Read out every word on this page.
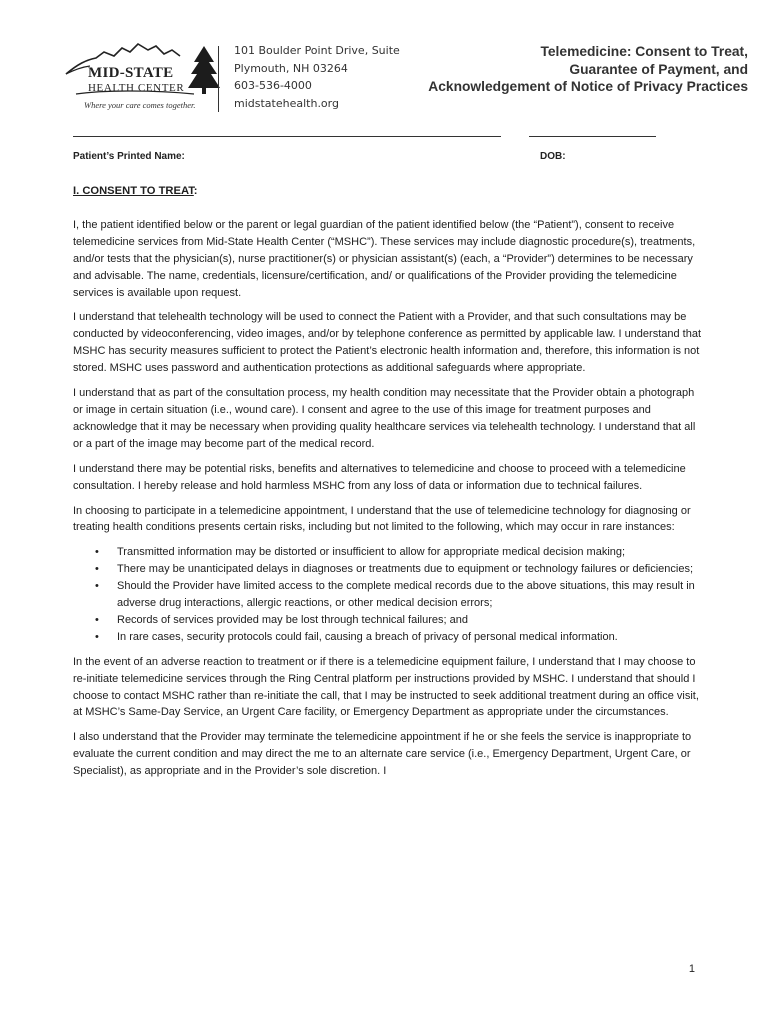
MID-STATE
HEALTH CENTER
Where your care comes together.
101 Boulder Point Drive, Suite
Plymouth, NH 03264
603-536-4000
midstatehealth.org
Telemedicine: Consent to Treat,
Guarantee of Payment, and
Acknowledgement of Notice of Privacy Practices
Patient’s Printed Name:	DOB:
I. CONSENT TO TREAT:

I, the patient identified below or the parent or legal guardian of the patient identified below (the “Patient”), consent to receive telemedicine services from Mid-State Health Center (“MSHC”). These services may include diagnostic procedure(s), treatments, and/or tests that the physician(s), nurse practitioner(s) or physician assistant(s) (each, a “Provider”) determines to be necessary and advisable. The name, credentials, licensure/certification, and/ or qualifications of the Provider providing the telemedicine services is available upon request.

I understand that telehealth technology will be used to connect the Patient with a Provider, and that such consultations may be conducted by videoconferencing, video images, and/or by telephone conference as permitted by applicable law. I understand that MSHC has security measures sufficient to protect the Patient’s electronic health information and, therefore, this information is not stored. MSHC uses password and authentication protections as additional safeguards where appropriate.

I understand that as part of the consultation process, my health condition may necessitate that the Provider obtain a photograph or image in certain situation (i.e., wound care). I consent and agree to the use of this image for treatment purposes and acknowledge that it may be necessary when providing quality healthcare services via telehealth technology. I understand that all or a part of the image may become part of the medical record.

I understand there may be potential risks, benefits and alternatives to telemedicine and choose to proceed with a telemedicine consultation. I hereby release and hold harmless MSHC from any loss of data or information due to technical failures.

In choosing to participate in a telemedicine appointment, I understand that the use of telemedicine technology for diagnosing or treating health conditions presents certain risks, including but not limited to the following, which may occur in rare instances:

• Transmitted information may be distorted or insufficient to allow for appropriate medical decision making;
• There may be unanticipated delays in diagnoses or treatments due to equipment or technology failures or deficiencies;
• Should the Provider have limited access to the complete medical records due to the above situations, this may result in adverse drug interactions, allergic reactions, or other medical decision errors;
• Records of services provided may be lost through technical failures; and
• In rare cases, security protocols could fail, causing a breach of privacy of personal medical information.

In the event of an adverse reaction to treatment or if there is a telemedicine equipment failure, I understand that I may choose to re-initiate telemedicine services through the Ring Central platform per instructions provided by MSHC. I understand that should I choose to contact MSHC rather than re-initiate the call, that I may be instructed to seek additional treatment during an office visit, at MSHC’s Same-Day Service, an Urgent Care facility, or Emergency Department as appropriate under the circumstances.

I also understand that the Provider may terminate the telemedicine appointment if he or she feels the service is inappropriate to evaluate the current condition and may direct the me to an alternate care service (i.e., Emergency Department, Urgent Care, or Specialist), as appropriate and in the Provider’s sole discretion. I

1
